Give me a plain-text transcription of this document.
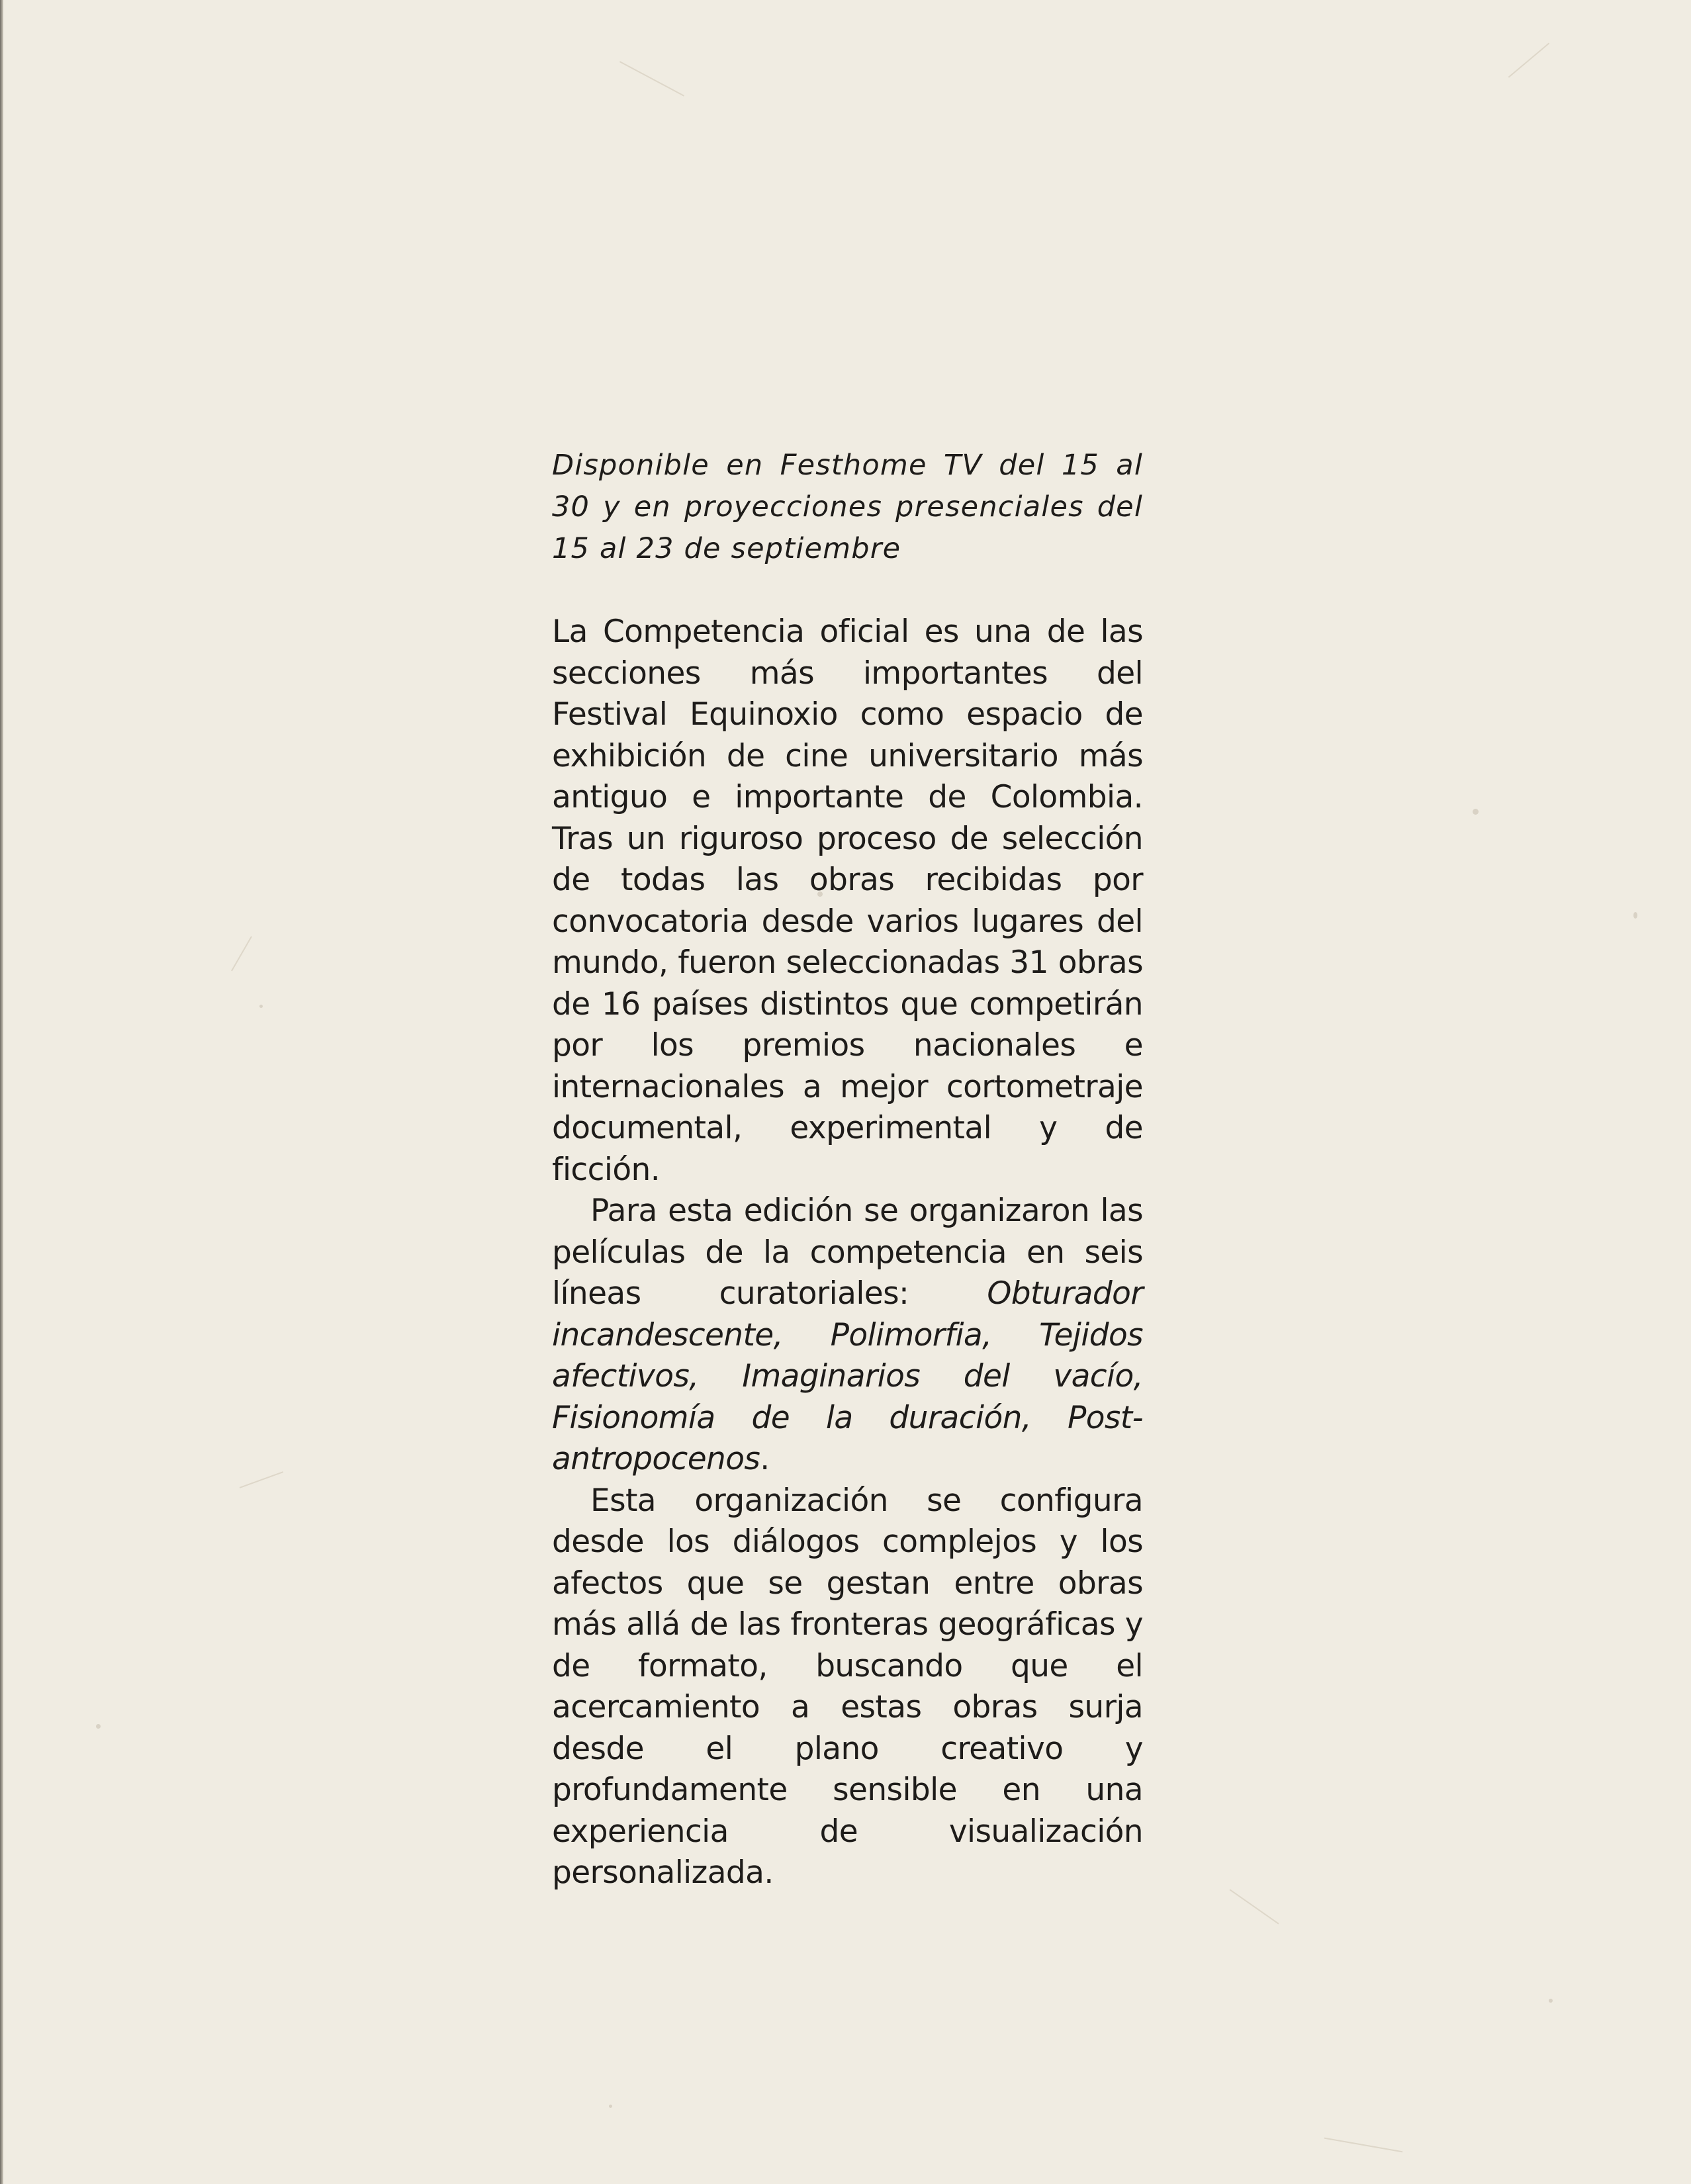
Disponible en Festhome TV del 15 al 30 y en proyecciones presenciales del 15 al 23 de septiembre

La Competencia oficial es una de las secciones más importantes del Festival Equinoxio como espacio de exhibición de cine universitario más antiguo e importante de Colombia. Tras un riguroso proceso de selección de todas las obras recibidas por convocatoria desde varios lugares del mundo, fueron seleccionadas 31 obras de 16 países distintos que competirán por los premios nacionales e internacionales a mejor cortometraje documental, experimental y de ficción.

Para esta edición se organizaron las películas de la competencia en seis líneas curatoriales: Obturador incandescente, Polimorfia, Tejidos afectivos, Imaginarios del vacío, Fisionomía de la duración, Post-antropocenos.

Esta organización se configura desde los diálogos complejos y los afectos que se gestan entre obras más allá de las fronteras geográficas y de formato, buscando que el acercamiento a estas obras surja desde el plano creativo y profundamente sensible en una experiencia de visualización personalizada.
